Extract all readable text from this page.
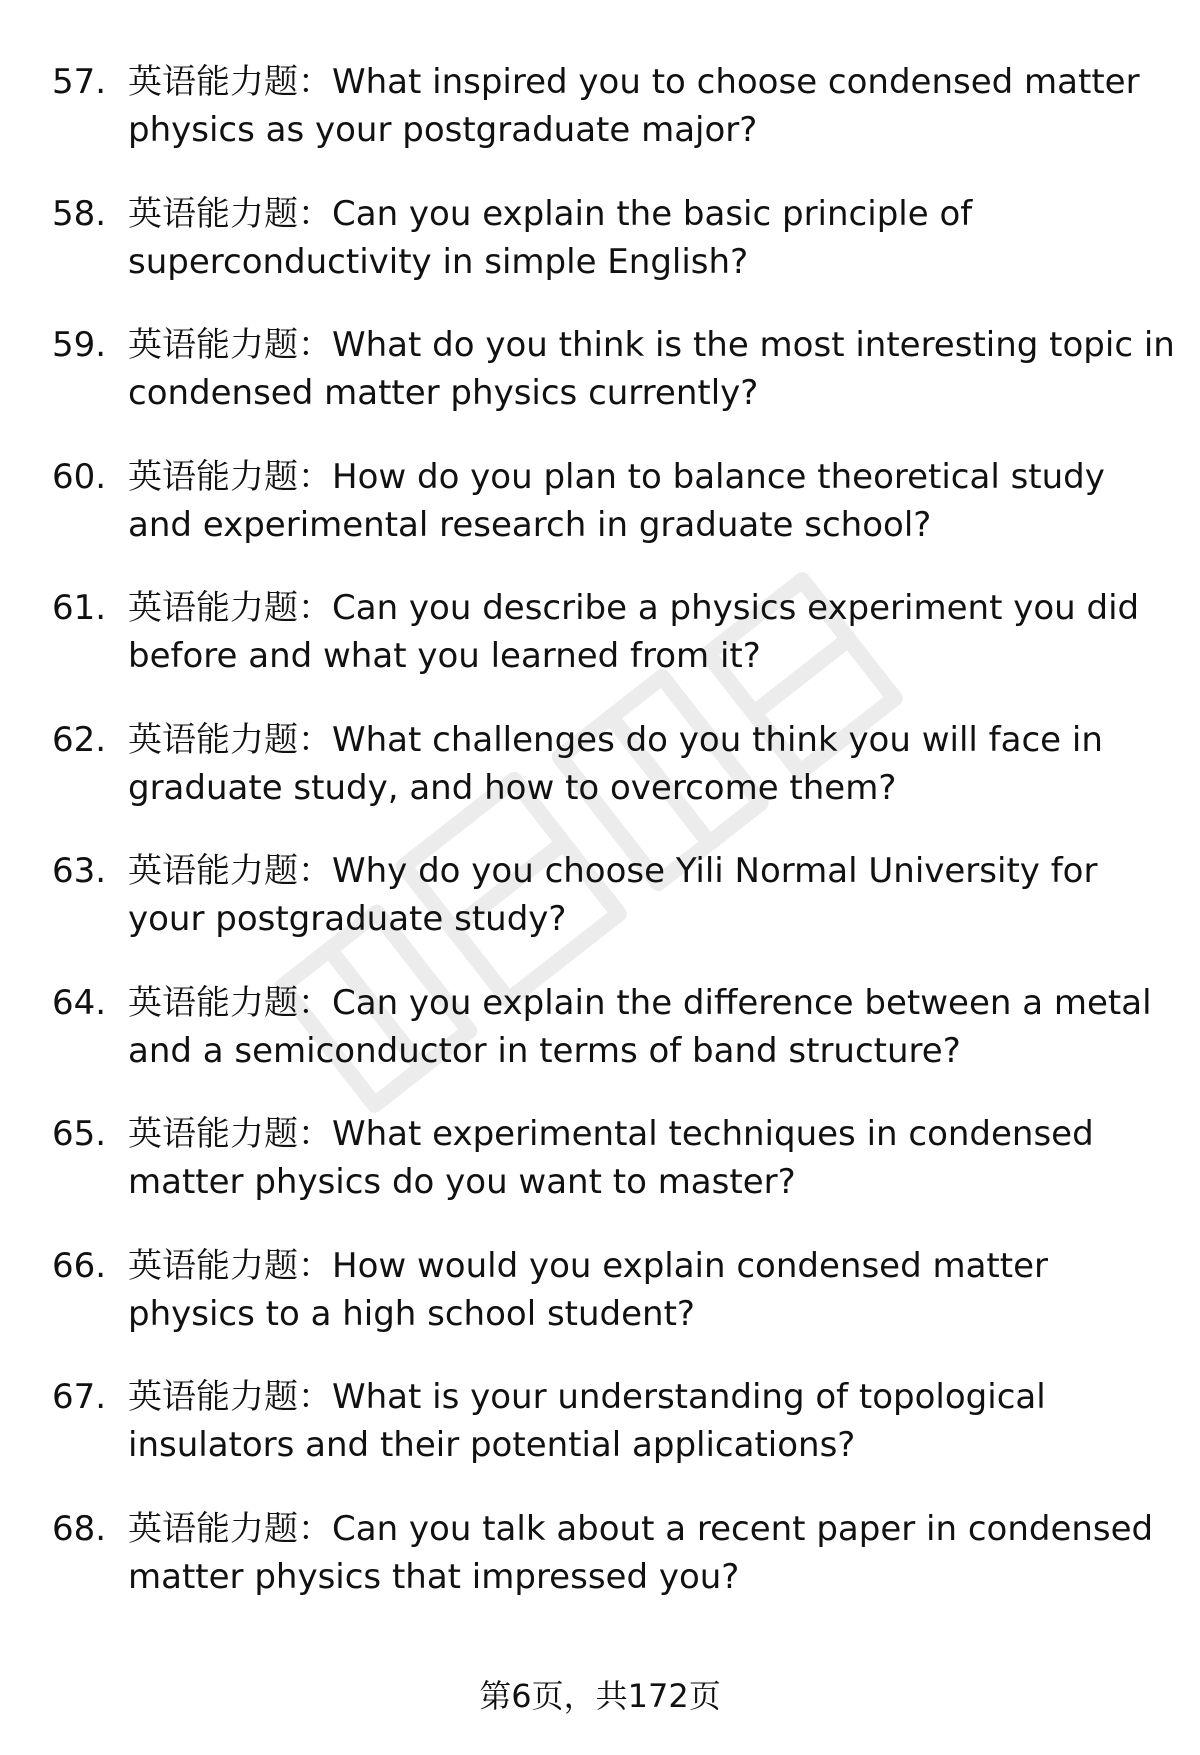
57. 英语能力题：What inspired you to choose condensed matter physics as your postgraduate major?
58. 英语能力题：Can you explain the basic principle of superconductivity in simple English?
59. 英语能力题：What do you think is the most interesting topic in condensed matter physics currently?
60. 英语能力题：How do you plan to balance theoretical study and experimental research in graduate school?
61. 英语能力题：Can you describe a physics experiment you did before and what you learned from it?
62. 英语能力题：What challenges do you think you will face in graduate study, and how to overcome them?
63. 英语能力题：Why do you choose Yili Normal University for your postgraduate study?
64. 英语能力题：Can you explain the difference between a metal and a semiconductor in terms of band structure?
65. 英语能力题：What experimental techniques in condensed matter physics do you want to master?
66. 英语能力题：How would you explain condensed matter physics to a high school student?
67. 英语能力题：What is your understanding of topological insulators and their potential applications?
68. 英语能力题：Can you talk about a recent paper in condensed matter physics that impressed you?
第6页，共172页
